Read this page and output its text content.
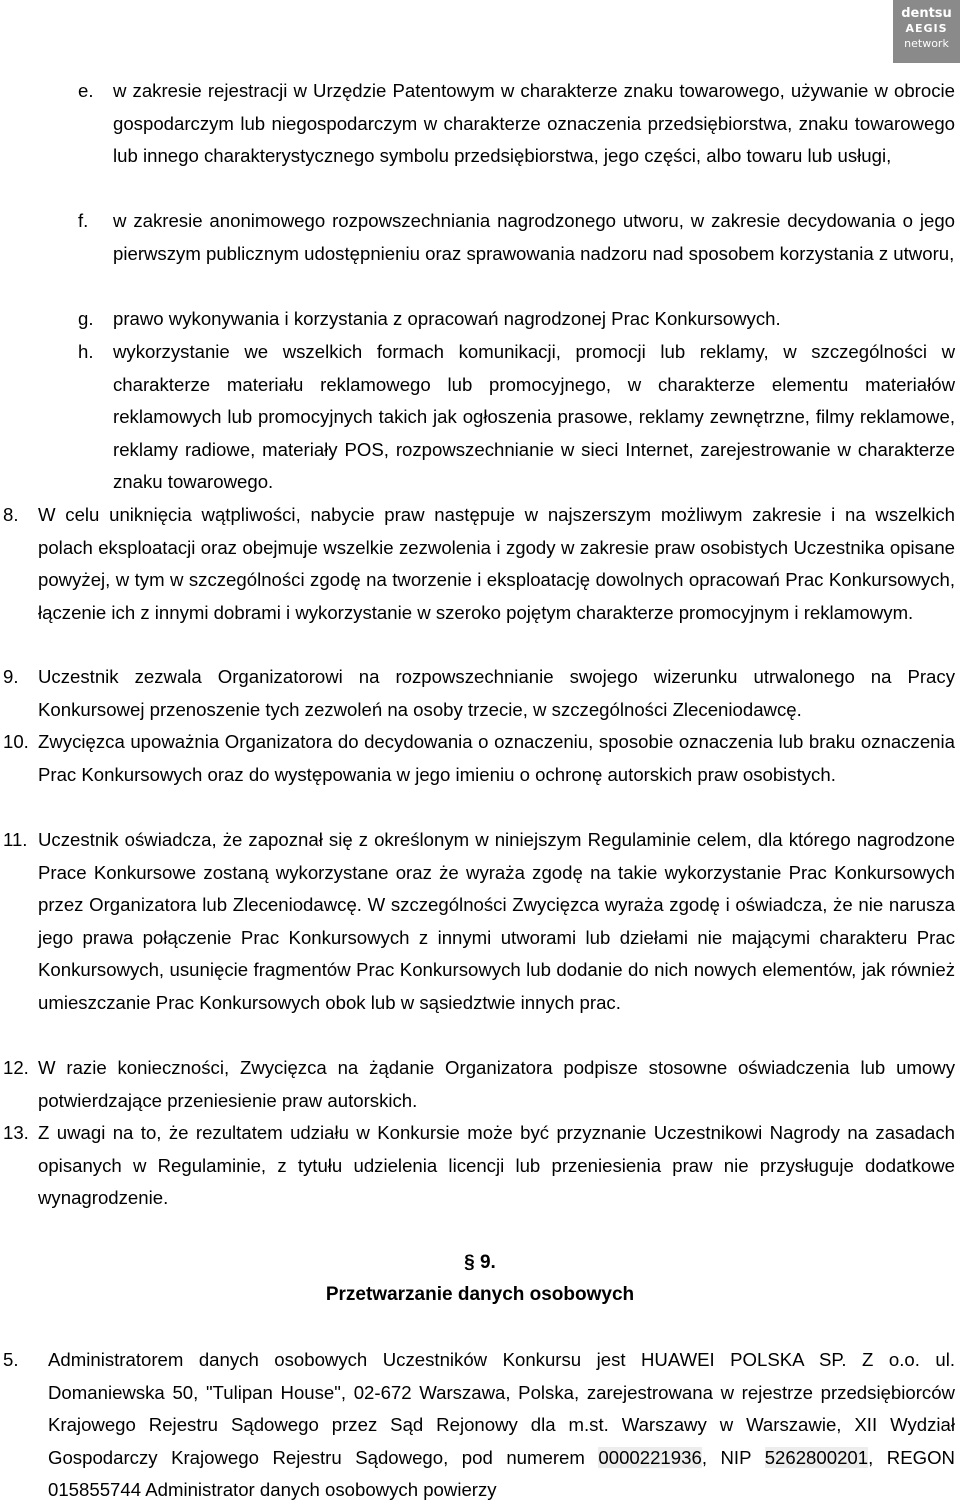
dentsu
AEGIS
network
e. w zakresie rejestracji w Urzędzie Patentowym w charakterze znaku towarowego, używanie w obrocie gospodarczym lub niegospodarczym w charakterze oznaczenia przedsiębiorstwa, znaku towarowego lub innego charakterystycznego symbolu przedsiębiorstwa, jego części, albo towaru lub usługi,
f. w zakresie anonimowego rozpowszechniania nagrodzonego utworu, w zakresie decydowania o jego pierwszym publicznym udostępnieniu oraz sprawowania nadzoru nad sposobem korzystania z utworu,
g. prawo wykonywania i korzystania z opracowań nagrodzonej Prac Konkursowych.
h. wykorzystanie we wszelkich formach komunikacji, promocji lub reklamy, w szczególności w charakterze materiału reklamowego lub promocyjnego, w charakterze elementu materiałów reklamowych lub promocyjnych takich jak ogłoszenia prasowe, reklamy zewnętrzne, filmy reklamowe, reklamy radiowe, materiały POS, rozpowszechnianie w sieci Internet, zarejestrowanie w charakterze znaku towarowego.
8. W celu uniknięcia wątpliwości, nabycie praw następuje w najszerszym możliwym zakresie i na wszelkich polach eksploatacji oraz obejmuje wszelkie zezwolenia i zgody w zakresie praw osobistych Uczestnika opisane powyżej, w tym w szczególności zgodę na tworzenie i eksploatację dowolnych opracowań Prac Konkursowych, łączenie ich z innymi dobrami i wykorzystanie w szeroko pojętym charakterze promocyjnym i reklamowym.
9. Uczestnik zezwala Organizatorowi na rozpowszechnianie swojego wizerunku utrwalonego na Pracy Konkursowej przenoszenie tych zezwoleń na osoby trzecie, w szczególności Zleceniodawcę.
10. Zwycięzca upoważnia Organizatora do decydowania o oznaczeniu, sposobie oznaczenia lub braku oznaczenia Prac Konkursowych oraz do występowania w jego imieniu o ochronę autorskich praw osobistych.
11. Uczestnik oświadcza, że zapoznał się z określonym w niniejszym Regulaminie celem, dla którego nagrodzone Prace Konkursowe zostaną wykorzystane oraz że wyraża zgodę na takie wykorzystanie Prac Konkursowych przez Organizatora lub Zleceniodawcę. W szczególności Zwycięzca wyraża zgodę i oświadcza, że nie narusza jego prawa połączenie Prac Konkursowych z innymi utworami lub dziełami nie mającymi charakteru Prac Konkursowych, usunięcie fragmentów Prac Konkursowych lub dodanie do nich nowych elementów, jak również umieszczanie Prac Konkursowych obok lub w sąsiedztwie innych prac.
12. W razie konieczności, Zwycięzca na żądanie Organizatora podpisze stosowne oświadczenia lub umowy potwierdzające przeniesienie praw autorskich.
13. Z uwagi na to, że rezultatem udziału w Konkursie może być przyznanie Uczestnikowi Nagrody na zasadach opisanych w Regulaminie, z tytułu udzielenia licencji lub przeniesienia praw nie przysługuje dodatkowe wynagrodzenie.
§ 9.
Przetwarzanie danych osobowych
5. Administratorem danych osobowych Uczestników Konkursu jest HUAWEI POLSKA SP. Z o.o. ul. Domaniewska 50, "Tulipan House", 02-672 Warszawa, Polska, zarejestrowana w rejestrze przedsiębiorców Krajowego Rejestru Sądowego przez Sąd Rejonowy dla m.st. Warszawy w Warszawie, XII Wydział Gospodarczy Krajowego Rejestru Sądowego, pod numerem 0000221936, NIP 5262800201, REGON 015855744 Administrator danych osobowych powierzy
